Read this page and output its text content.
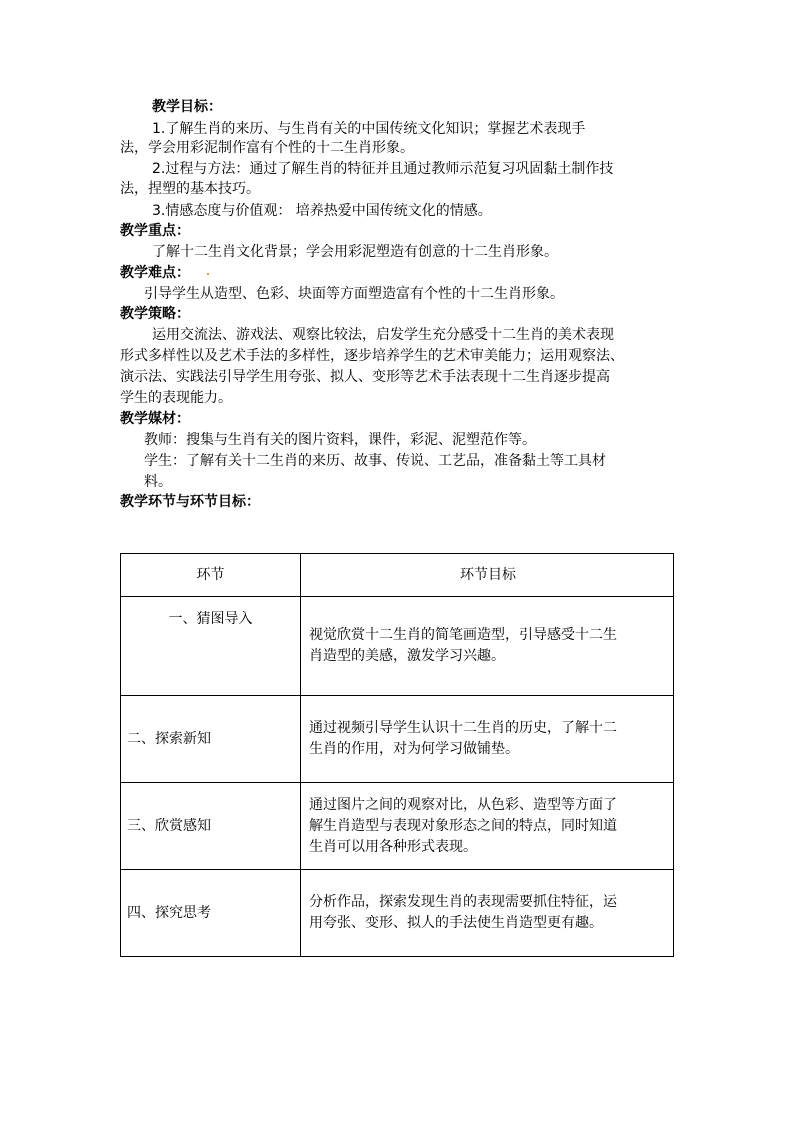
教学目标：
1.了解生肖的来历、与生肖有关的中国传统文化知识；掌握艺术表现手
法，学会用彩泥制作富有个性的十二生肖形象。
2.过程与方法：通过了解生肖的特征并且通过教师示范复习巩固黏土制作技
法，捏塑的基本技巧。
3.情感态度与价值观： 培养热爱中国传统文化的情感。
教学重点：
了解十二生肖文化背景；学会用彩泥塑造有创意的十二生肖形象。
教学难点：
引导学生从造型、色彩、块面等方面塑造富有个性的十二生肖形象。
教学策略：
运用交流法、游戏法、观察比较法，启发学生充分感受十二生肖的美术表现
形式多样性以及艺术手法的多样性，逐步培养学生的艺术审美能力；运用观察法、
演示法、实践法引导学生用夸张、拟人、变形等艺术手法表现十二生肖逐步提高
学生的表现能力。
教学媒材：
教师：搜集与生肖有关的图片资料，课件，彩泥、泥塑范作等。
学生：了解有关十二生肖的来历、故事、传说、工艺品，准备黏土等工具材
料。
教学环节与环节目标：
环节	环节目标
一、猜图导入	视觉欣赏十二生肖的简笔画造型，引导感受十二生
肖造型的美感，激发学习兴趣。

二、探索新知	通过视频引导学生认识十二生肖的历史，了解十二
生肖的作用，对为何学习做铺垫。

三、欣赏感知	通过图片之间的观察对比，从色彩、造型等方面了
解生肖造型与表现对象形态之间的特点，同时知道
生肖可以用各种形式表现。

四、探究思考	分析作品，探索发现生肖的表现需要抓住特征，运
用夸张、变形、拟人的手法使生肖造型更有趣。
